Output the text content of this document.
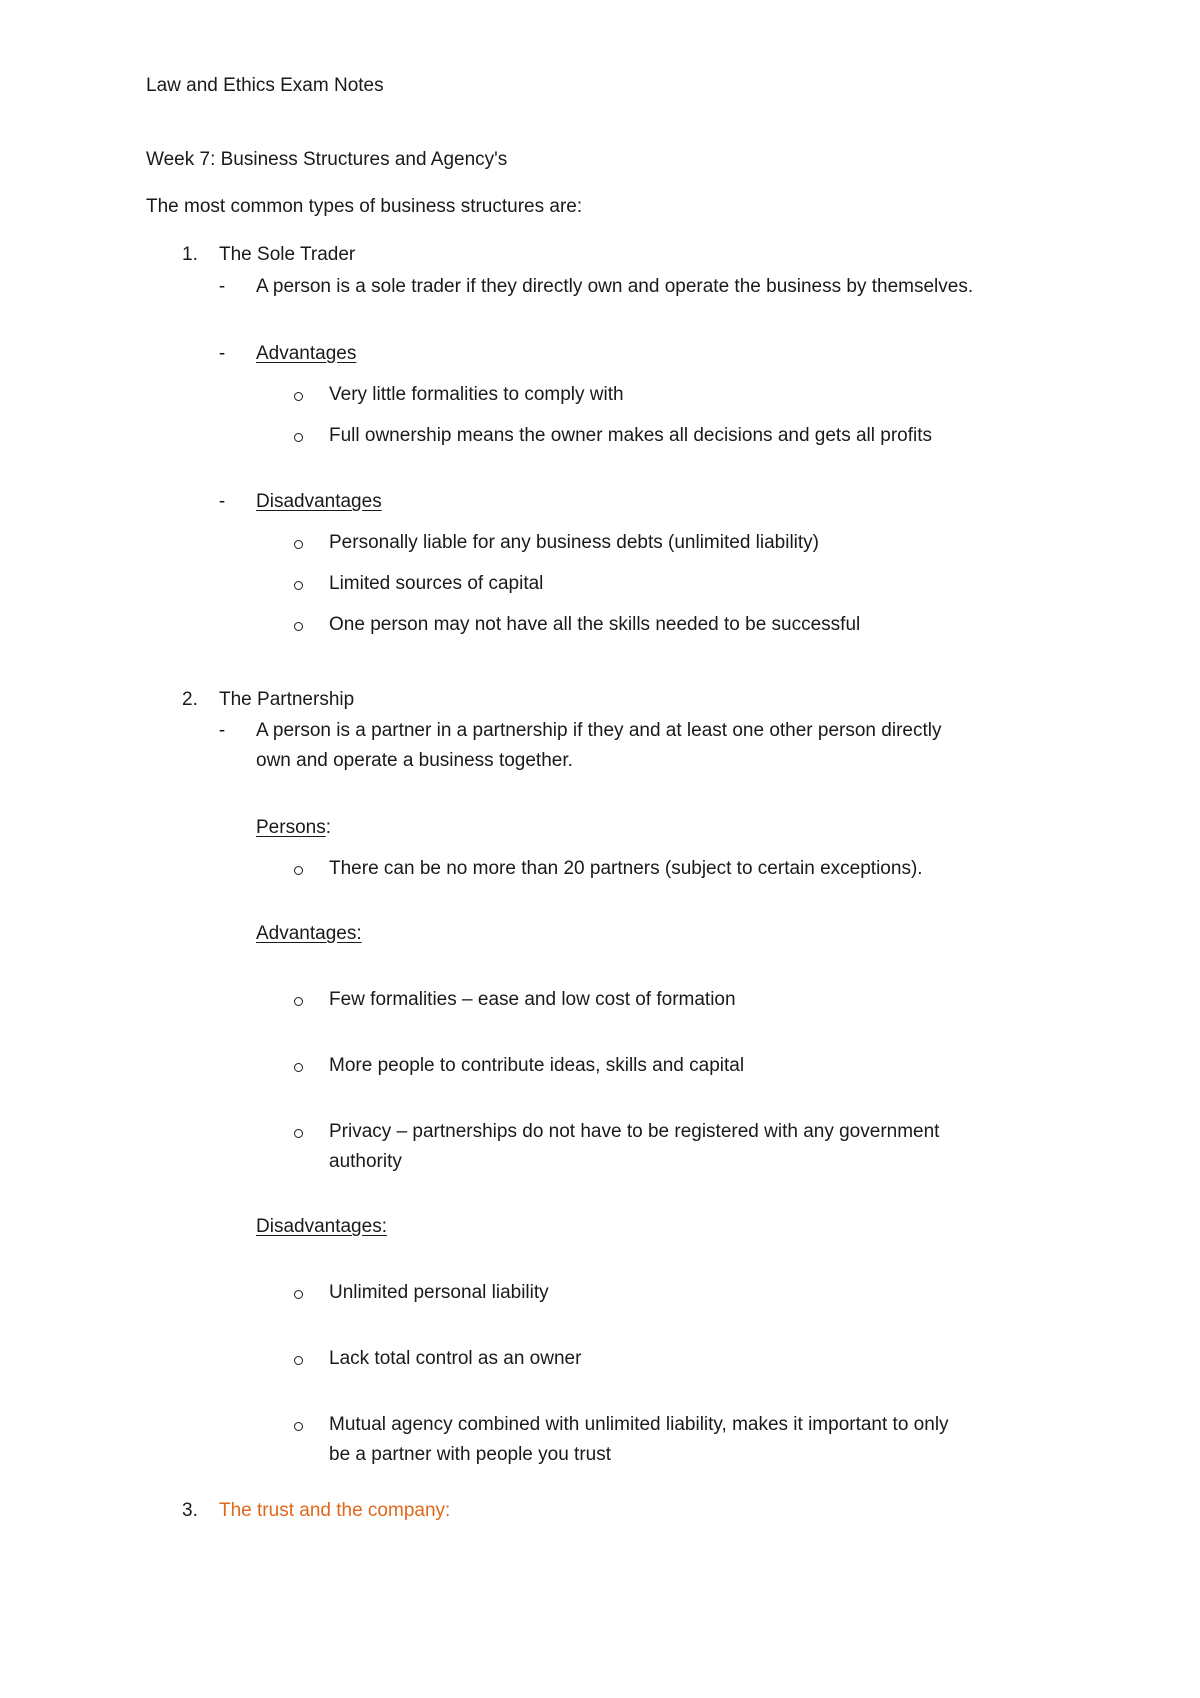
Law and Ethics Exam Notes
Week 7: Business Structures and Agency's
The most common types of business structures are:
1. The Sole Trader
- A person is a sole trader if they directly own and operate the business by themselves.
- Advantages
Very little formalities to comply with
Full ownership means the owner makes all decisions and gets all profits
- Disadvantages
Personally liable for any business debts (unlimited liability)
Limited sources of capital
One person may not have all the skills needed to be successful
2. The Partnership
- A person is a partner in a partnership if they and at least one other person directly
own and operate a business together.
Persons:
There can be no more than 20 partners (subject to certain exceptions).
Advantages:
Few formalities – ease and low cost of formation
More people to contribute ideas, skills and capital
Privacy – partnerships do not have to be registered with any government
authority
Disadvantages:
Unlimited personal liability
Lack total control as an owner
Mutual agency combined with unlimited liability, makes it important to only
be a partner with people you trust
3. The trust and the company:
